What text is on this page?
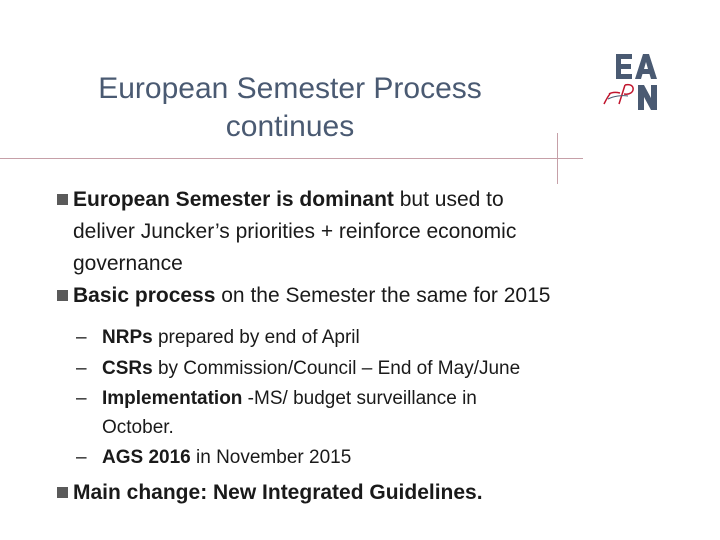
European Semester Process
continues

European Semester is dominant but used to deliver Juncker’s priorities + reinforce economic governance

Basic process on the Semester the same for 2015

– NRPs prepared by end of April

– CSRs by Commission/Council – End of May/June

– Implementation -MS/ budget surveillance in October.

– AGS 2016 in November 2015

Main change: New Integrated Guidelines.
